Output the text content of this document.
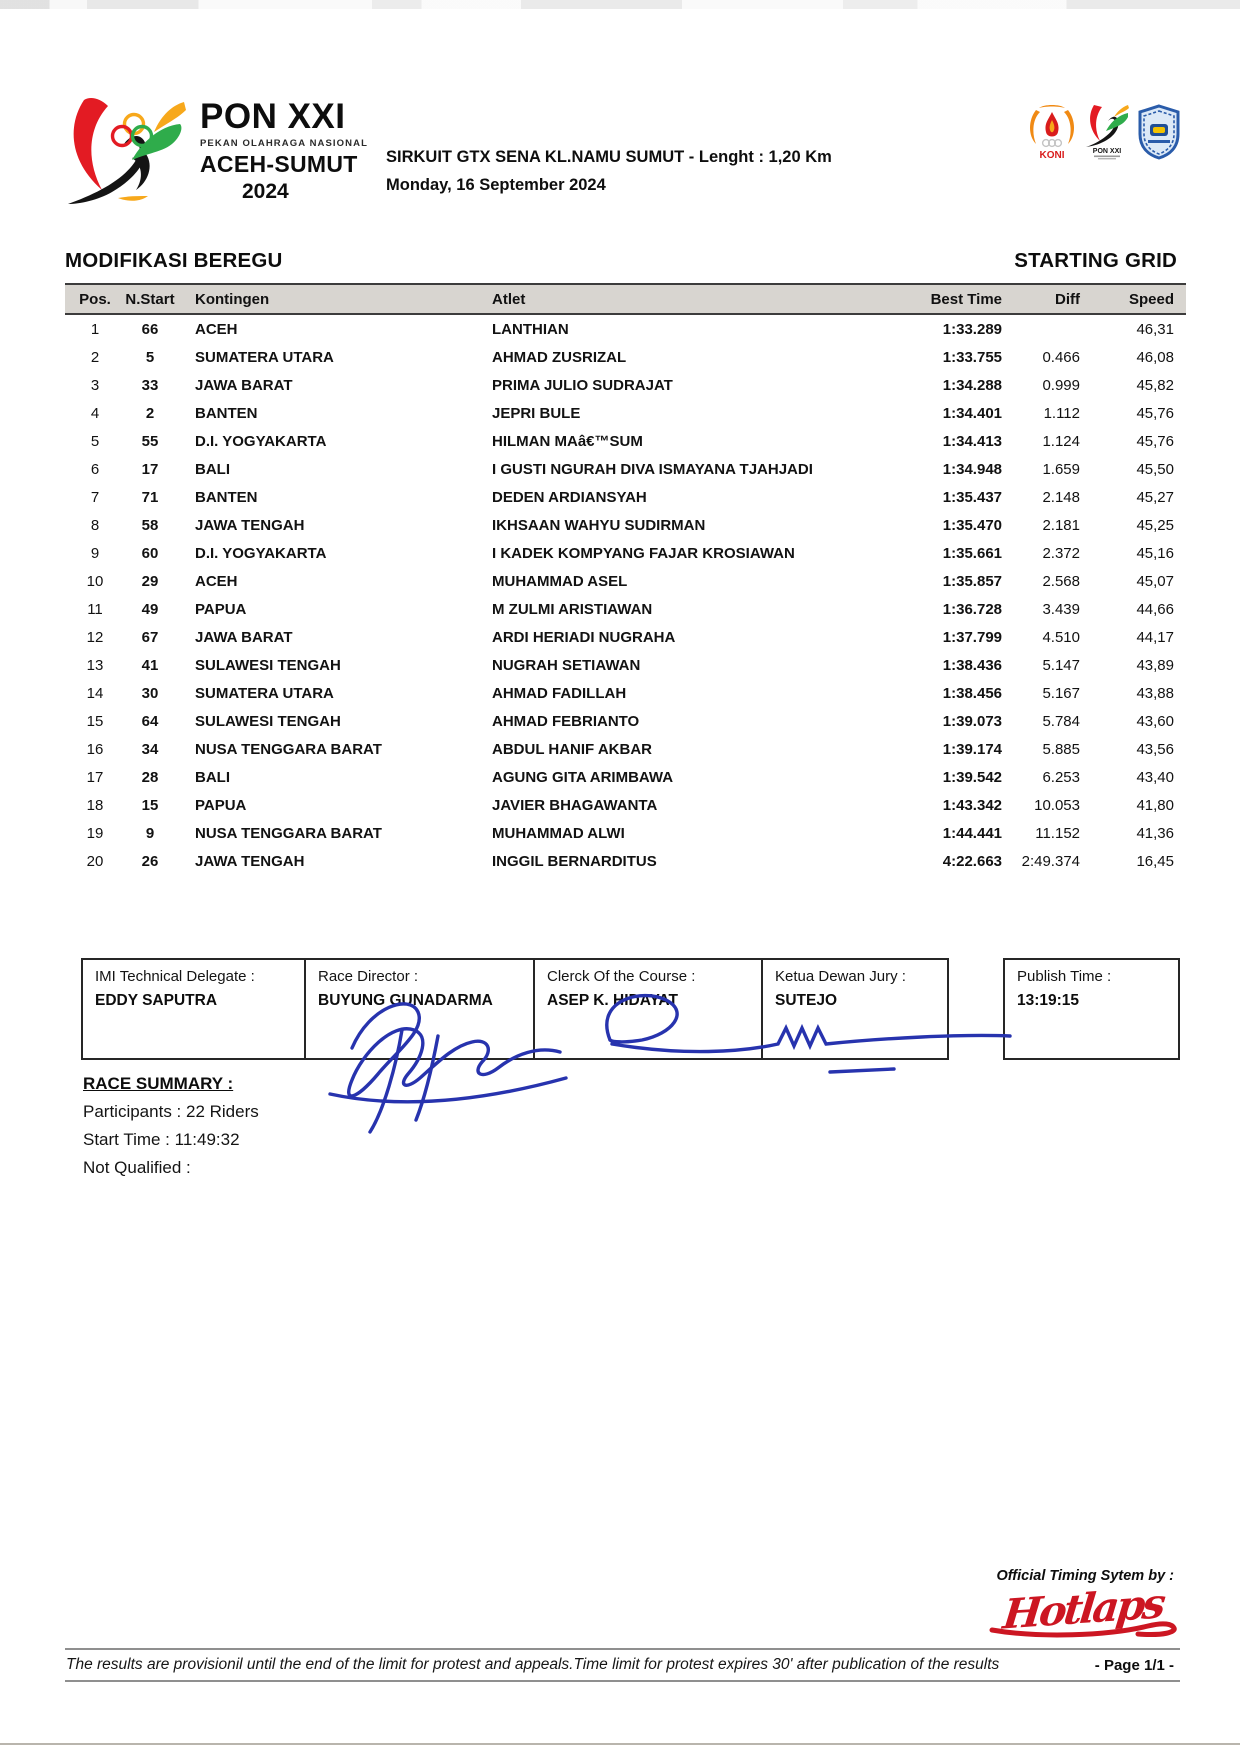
PON XXI
PEKAN OLAHRAGA NASIONAL
ACEH-SUMUT
2024
SIRKUIT GTX SENA KL.NAMU SUMUT - Lenght : 1,20 Km
Monday, 16 September 2024
KONI	PON XXI
MODIFIKASI BEREGU	STARTING GRID
Pos.	N.Start	Kontingen	Atlet	Best Time	Diff	Speed
1	66	ACEH	LANTHIAN	1:33.289		46,31
2	5	SUMATERA UTARA	AHMAD ZUSRIZAL	1:33.755	0.466	46,08
3	33	JAWA BARAT	PRIMA JULIO SUDRAJAT	1:34.288	0.999	45,82
4	2	BANTEN	JEPRI BULE	1:34.401	1.112	45,76
5	55	D.I. YOGYAKARTA	HILMAN MAâ€™SUM	1:34.413	1.124	45,76
6	17	BALI	I GUSTI NGURAH DIVA ISMAYANA TJAHJADI	1:34.948	1.659	45,50
7	71	BANTEN	DEDEN ARDIANSYAH	1:35.437	2.148	45,27
8	58	JAWA TENGAH	IKHSAAN WAHYU SUDIRMAN	1:35.470	2.181	45,25
9	60	D.I. YOGYAKARTA	I KADEK KOMPYANG FAJAR KROSIAWAN	1:35.661	2.372	45,16
10	29	ACEH	MUHAMMAD ASEL	1:35.857	2.568	45,07
11	49	PAPUA	M ZULMI ARISTIAWAN	1:36.728	3.439	44,66
12	67	JAWA BARAT	ARDI HERIADI NUGRAHA	1:37.799	4.510	44,17
13	41	SULAWESI TENGAH	NUGRAH SETIAWAN	1:38.436	5.147	43,89
14	30	SUMATERA UTARA	AHMAD FADILLAH	1:38.456	5.167	43,88
15	64	SULAWESI TENGAH	AHMAD FEBRIANTO	1:39.073	5.784	43,60
16	34	NUSA TENGGARA BARAT	ABDUL HANIF AKBAR	1:39.174	5.885	43,56
17	28	BALI	AGUNG GITA ARIMBAWA	1:39.542	6.253	43,40
18	15	PAPUA	JAVIER BHAGAWANTA	1:43.342	10.053	41,80
19	9	NUSA TENGGARA BARAT	MUHAMMAD ALWI	1:44.441	11.152	41,36
20	26	JAWA TENGAH	INGGIL BERNARDITUS	4:22.663	2:49.374	16,45
IMI Technical Delegate :
EDDY SAPUTRA
Race Director :
BUYUNG GUNADARMA
Clerck Of the Course :
ASEP K. HIDAYAT
Ketua Dewan Jury :
SUTEJO
Publish Time :
13:19:15
RACE SUMMARY :
Participants : 22 Riders
Start Time : 11:49:32
Not Qualified :
Official Timing Sytem by :
Hotlaps
The results are provisionil until the end of the limit for protest and appeals.Time limit for protest expires 30' after publication of the results	- Page 1/1 -
